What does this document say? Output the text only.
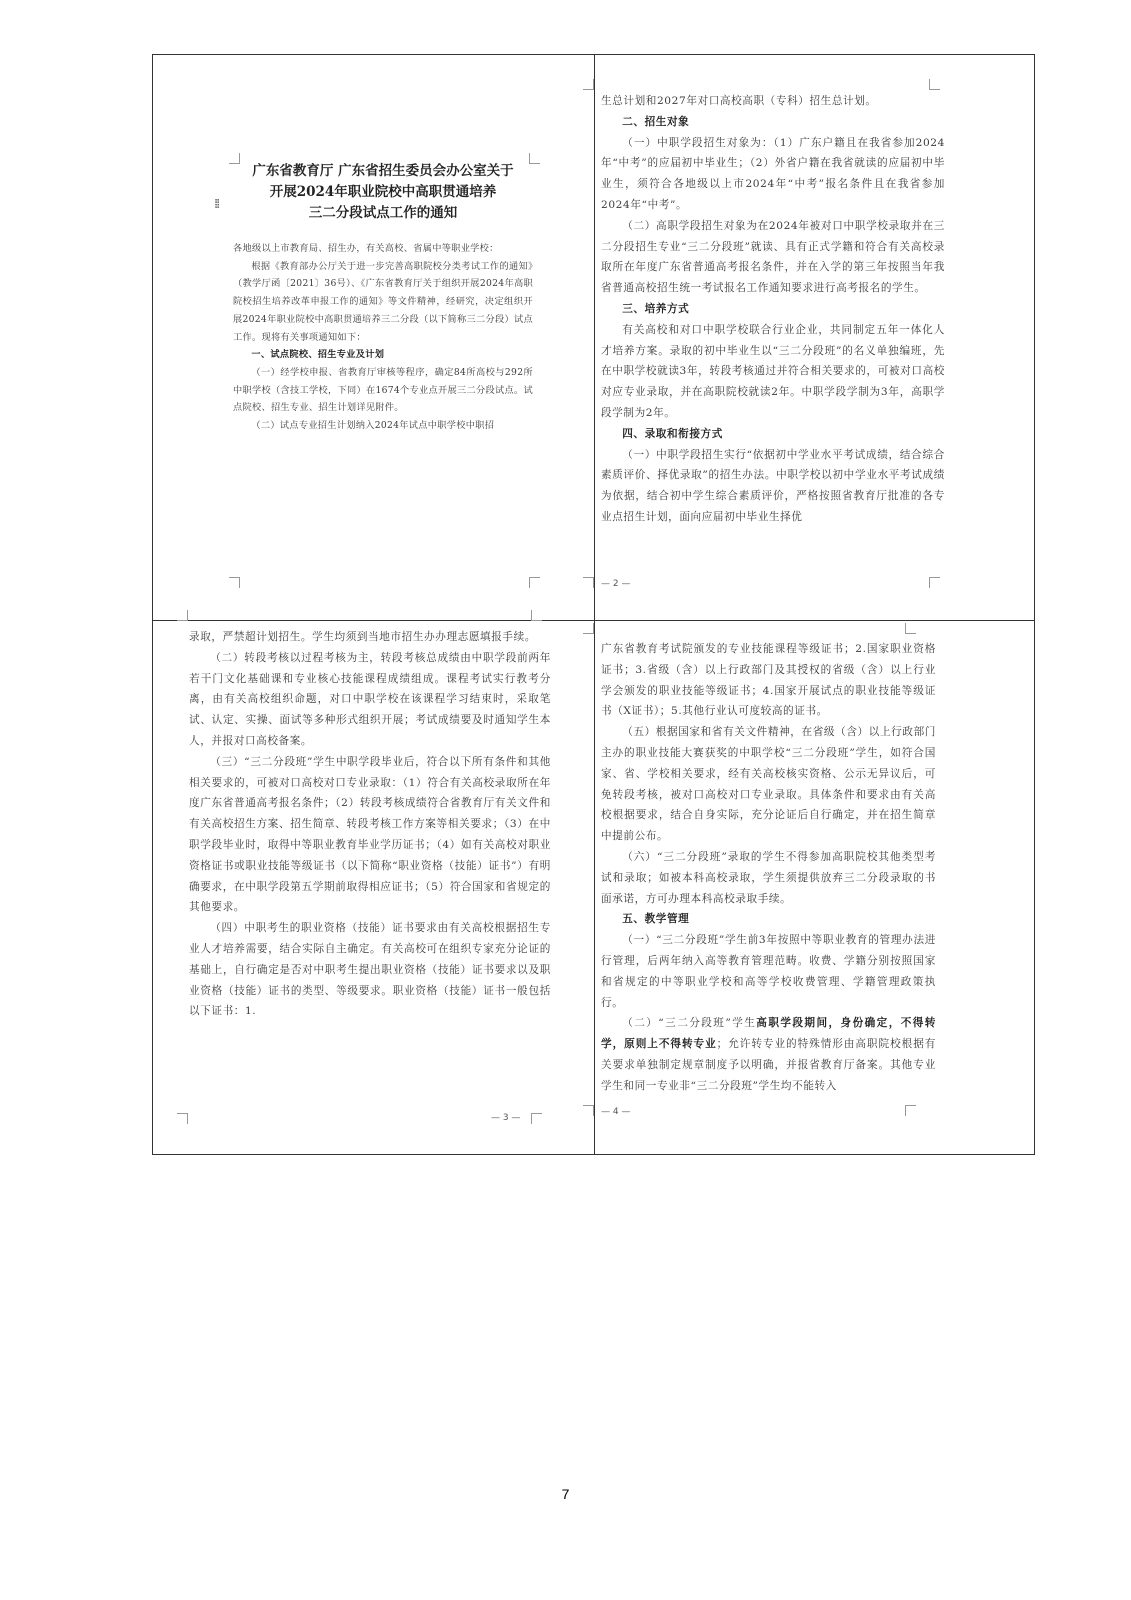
⁞⁞
广东省教育厅 广东省招生委员会办公室关于
开展2024年职业院校中高职贯通培养
三二分段试点工作的通知

各地级以上市教育局、招生办，有关高校、省属中等职业学校：

根据《教育部办公厅关于进一步完善高职院校分类考试工作的通知》（教学厅函〔2021〕36号）、《广东省教育厅关于组织开展2024年高职院校招生培养改革申报工作的通知》等文件精神，经研究，决定组织开展2024年职业院校中高职贯通培养三二分段（以下简称三二分段）试点工作。现将有关事项通知如下：

一、试点院校、招生专业及计划

（一）经学校申报、省教育厅审核等程序，确定84所高校与292所中职学校（含技工学校，下同）在1674个专业点开展三二分段试点。试点院校、招生专业、招生计划详见附件。

（二）试点专业招生计划纳入2024年试点中职学校中职招

生总计划和2027年对口高校高职（专科）招生总计划。

二、招生对象

（一）中职学段招生对象为：（1）广东户籍且在我省参加2024年“中考”的应届初中毕业生；（2）外省户籍在我省就读的应届初中毕业生，须符合各地级以上市2024年“中考”报名条件且在我省参加2024年“中考”。

（二）高职学段招生对象为在2024年被对口中职学校录取并在三二分段招生专业“三二分段班”就读、具有正式学籍和符合有关高校录取所在年度广东省普通高考报名条件，并在入学的第三年按照当年我省普通高校招生统一考试报名工作通知要求进行高考报名的学生。

三、培养方式

有关高校和对口中职学校联合行业企业，共同制定五年一体化人才培养方案。录取的初中毕业生以“三二分段班”的名义单独编班，先在中职学校就读3年，转段考核通过并符合相关要求的，可被对口高校对应专业录取，并在高职院校就读2年。中职学段学制为3年，高职学段学制为2年。

四、录取和衔接方式

（一）中职学段招生实行“依据初中学业水平考试成绩，结合综合素质评价、择优录取”的招生办法。中职学校以初中学业水平考试成绩为依据，结合初中学生综合素质评价，严格按照省教育厅批准的各专业点招生计划，面向应届初中毕业生择优

— 2 —

录取，严禁超计划招生。学生均须到当地市招生办办理志愿填报手续。

（二）转段考核以过程考核为主，转段考核总成绩由中职学段前两年若干门文化基础课和专业核心技能课程成绩组成。课程考试实行教考分离，由有关高校组织命题，对口中职学校在该课程学习结束时，采取笔试、认定、实操、面试等多种形式组织开展；考试成绩要及时通知学生本人，并报对口高校备案。

（三）“三二分段班”学生中职学段毕业后，符合以下所有条件和其他相关要求的，可被对口高校对口专业录取：（1）符合有关高校录取所在年度广东省普通高考报名条件；（2）转段考核成绩符合省教育厅有关文件和有关高校招生方案、招生简章、转段考核工作方案等相关要求；（3）在中职学段毕业时，取得中等职业教育毕业学历证书；（4）如有关高校对职业资格证书或职业技能等级证书（以下简称“职业资格（技能）证书”）有明确要求，在中职学段第五学期前取得相应证书；（5）符合国家和省规定的其他要求。

（四）中职考生的职业资格（技能）证书要求由有关高校根据招生专业人才培养需要，结合实际自主确定。有关高校可在组织专家充分论证的基础上，自行确定是否对中职考生提出职业资格（技能）证书要求以及职业资格（技能）证书的类型、等级要求。职业资格（技能）证书一般包括以下证书：1.

— 3 —

广东省教育考试院颁发的专业技能课程等级证书；2.国家职业资格证书；3.省级（含）以上行政部门及其授权的省级（含）以上行业学会颁发的职业技能等级证书；4.国家开展试点的职业技能等级证书（X证书）；5.其他行业认可度较高的证书。

（五）根据国家和省有关文件精神，在省级（含）以上行政部门主办的职业技能大赛获奖的中职学校“三二分段班”学生，如符合国家、省、学校相关要求，经有关高校核实资格、公示无异议后，可免转段考核，被对口高校对口专业录取。具体条件和要求由有关高校根据要求，结合自身实际，充分论证后自行确定，并在招生简章中提前公布。

（六）“三二分段班”录取的学生不得参加高职院校其他类型考试和录取；如被本科高校录取，学生须提供放弃三二分段录取的书面承诺，方可办理本科高校录取手续。

五、教学管理

（一）“三二分段班”学生前3年按照中等职业教育的管理办法进行管理，后两年纳入高等教育管理范畴。收费、学籍分别按照国家和省规定的中等职业学校和高等学校收费管理、学籍管理政策执行。

（二）“三二分段班”学生高职学段期间，身份确定，不得转学，原则上不得转专业；允许转专业的特殊情形由高职院校根据有关要求单独制定规章制度予以明确，并报省教育厅备案。其他专业学生和同一专业非“三二分段班”学生均不能转入

— 4 —
7
